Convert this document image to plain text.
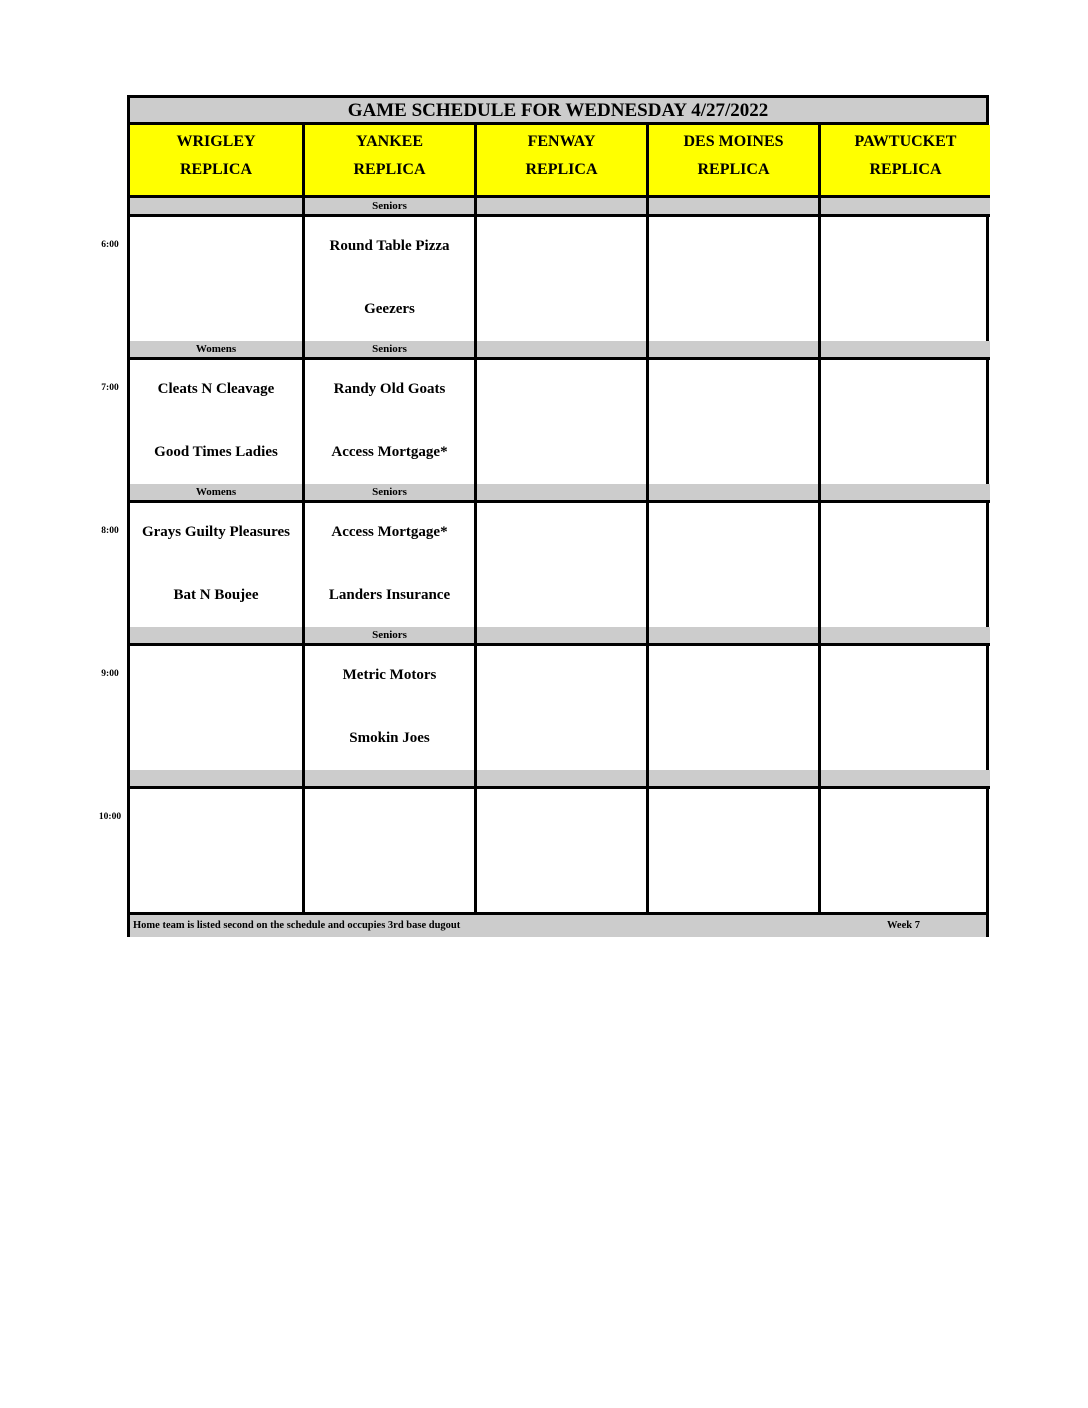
6:00
7:00
8:00
9:00
10:00
GAME SCHEDULE FOR WEDNESDAY 4/27/2022
WRIGLEY
REPLICA
Womens
Cleats N Cleavage
Good Times Ladies
Womens
Grays Guilty Pleasures
Bat N Boujee
YANKEE
REPLICA
Seniors
Round Table Pizza
Geezers
Seniors
Randy Old Goats
Access Mortgage*
Seniors
Access Mortgage*
Landers Insurance
Seniors
Metric Motors
Smokin Joes
FENWAY
REPLICA
DES MOINES
REPLICA
PAWTUCKET
REPLICA
Home team is listed second on the schedule and occupies 3rd base dugout	Week 7
